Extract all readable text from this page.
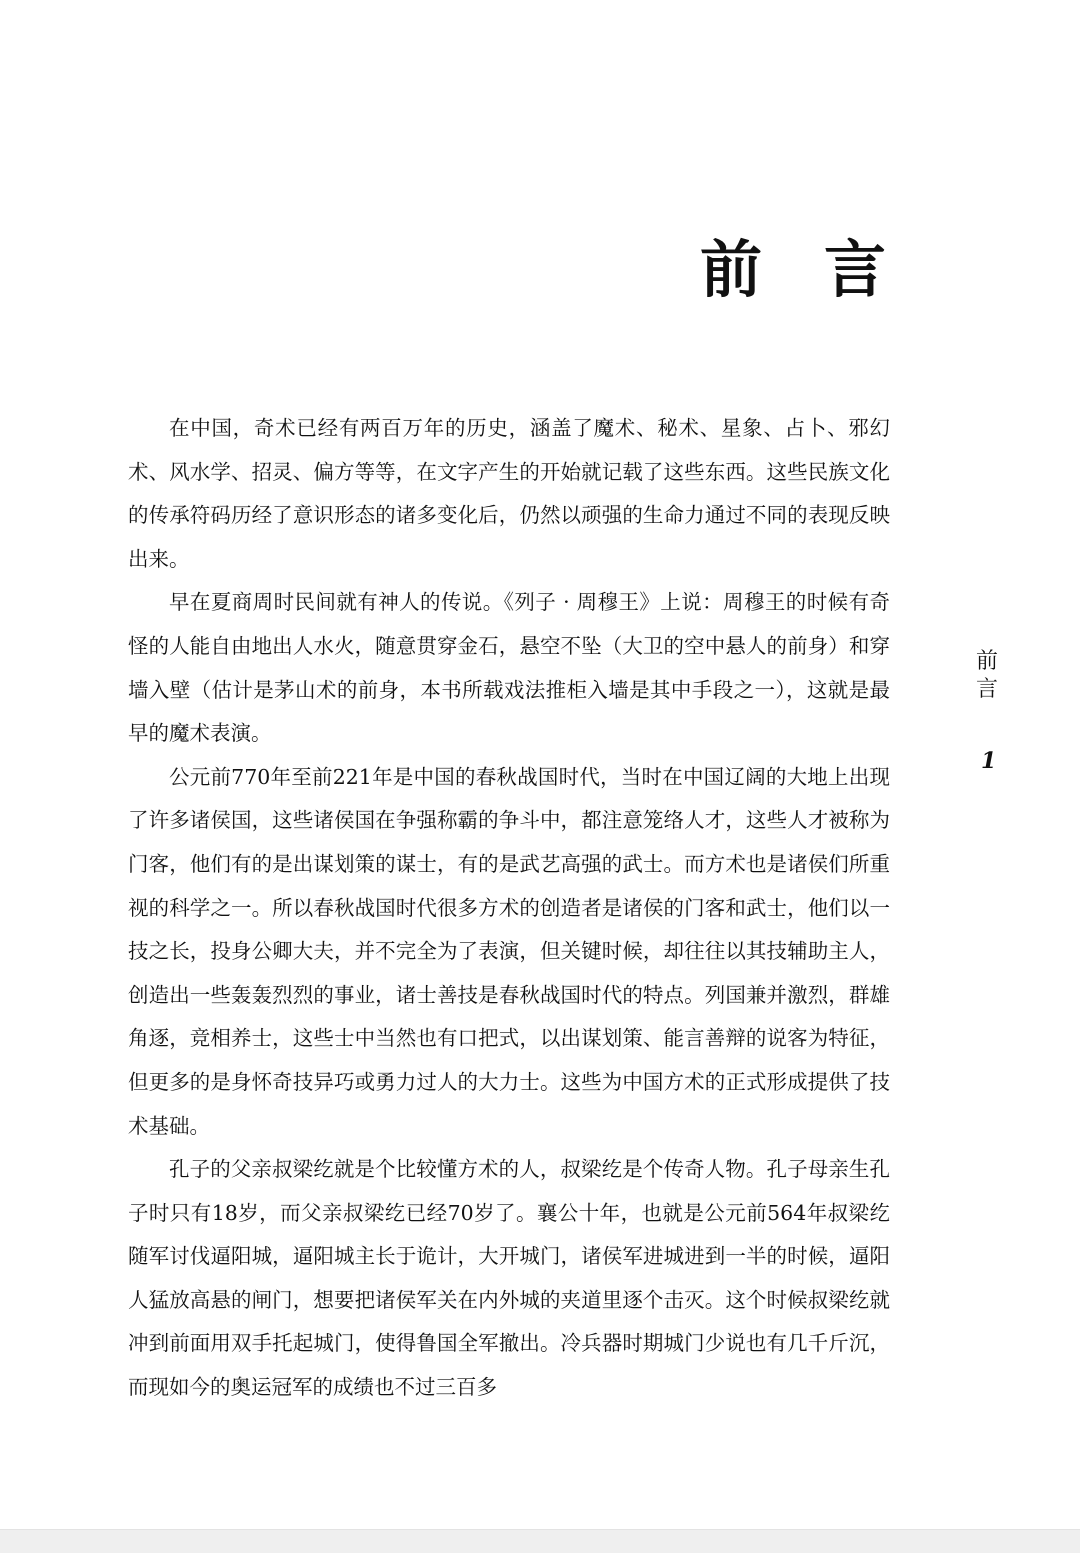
前　言

在中国，奇术已经有两百万年的历史，涵盖了魔术、秘术、星象、占卜、邪幻术、风水学、招灵、偏方等等，在文字产生的开始就记载了这些东西。这些民族文化的传承符码历经了意识形态的诸多变化后，仍然以顽强的生命力通过不同的表现反映出来。

早在夏商周时民间就有神人的传说。《列子 · 周穆王》上说：周穆王的时候有奇怪的人能自由地出人水火，随意贯穿金石，悬空不坠（大卫的空中悬人的前身）和穿墙入壁（估计是茅山术的前身，本书所载戏法推柜入墙是其中手段之一），这就是最早的魔术表演。

公元前770年至前221年是中国的春秋战国时代，当时在中国辽阔的大地上出现了许多诸侯国，这些诸侯国在争强称霸的争斗中，都注意笼络人才，这些人才被称为门客，他们有的是出谋划策的谋士，有的是武艺高强的武士。而方术也是诸侯们所重视的科学之一。所以春秋战国时代很多方术的创造者是诸侯的门客和武士，他们以一技之长，投身公卿大夫，并不完全为了表演，但关键时候，却往往以其技辅助主人，创造出一些轰轰烈烈的事业，诸士善技是春秋战国时代的特点。列国兼并激烈，群雄角逐，竞相养士，这些士中当然也有口把式，以出谋划策、能言善辩的说客为特征，但更多的是身怀奇技异巧或勇力过人的大力士。这些为中国方术的正式形成提供了技术基础。

孔子的父亲叔梁纥就是个比较懂方术的人，叔梁纥是个传奇人物。孔子母亲生孔子时只有18岁，而父亲叔梁纥已经70岁了。襄公十年，也就是公元前564年叔梁纥随军讨伐逼阳城，逼阳城主长于诡计，大开城门，诸侯军进城进到一半的时候，逼阳人猛放高悬的闸门，想要把诸侯军关在内外城的夹道里逐个击灭。这个时候叔梁纥就冲到前面用双手托起城门，使得鲁国全军撤出。冷兵器时期城门少说也有几千斤沉，而现如今的奥运冠军的成绩也不过三百多

前
言
1
